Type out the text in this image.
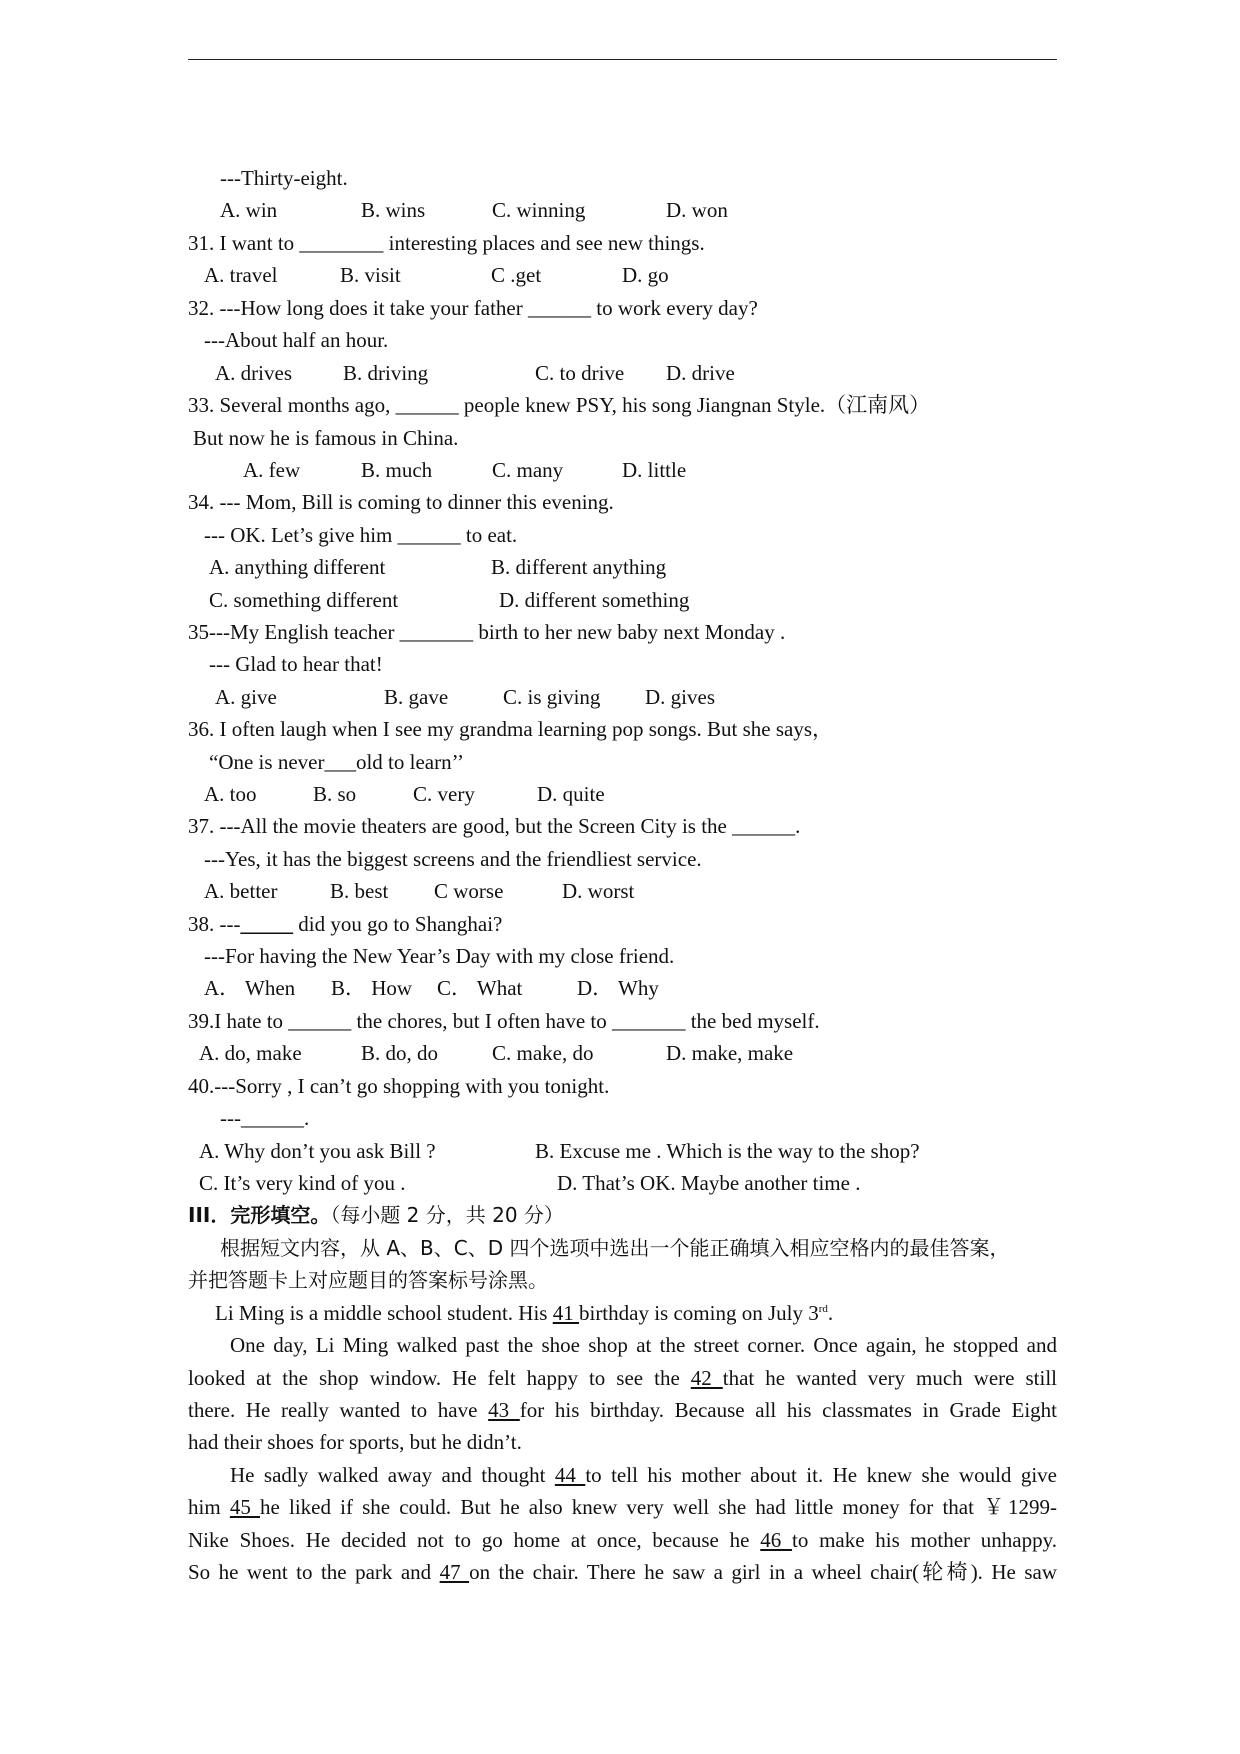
---Thirty-eight.
A. win	B. wins	C. winning	D. won
31. I want to ________ interesting places and see new things.
A. travel	B. visit	C .get	D. go
32. ---How long does it take your father ______ to work every day?
---About half an hour.
A. drives B. driving	C. to drive D. drive
33. Several months ago, ______ people knew PSY, his song Jiangnan Style.（江南风）
But now he is famous in China.
A. few	B. much	C. many	D. little
34. --- Mom, Bill is coming to dinner this evening.
--- OK. Let’s give him ______ to eat.
A. anything different	B. different anything
C. something different	D. different something
35---My English teacher _______ birth to her new baby next Monday .
--- Glad to hear that!
A. give	B. gave	C. is giving D. gives
36. I often laugh when I see my grandma learning pop songs. But she says，
“One is never___old to learn’’
A. too	B. so	C. very	D. quite
37. ---All the movie theaters are good, but the Screen City is the ______.
---Yes, it has the biggest screens and the friendliest service.
A. better	B. best C worse	D. worst
38. ---_____ did you go to Shanghai?
---For having the New Year’s Day with my close friend.
A． When B． How C． What	D． Why
39.I hate to ______ the chores, but I often have to _______ the bed myself.
A. do, make	B. do, do	C. make, do	D. make, make
40.---Sorry , I can’t go shopping with you tonight.
---______.
A. Why don’t you ask Bill ?	B. Excuse me . Which is the way to the shop?
C. It’s very kind of you .	D. That’s OK. Maybe another time .
III．完形填空。（每小题 2 分，共 20 分）
根据短文内容，从 A、B、C、D 四个选项中选出一个能正确填入相应空格内的最佳答案，
并把答题卡上对应题目的答案标号涂黑。
Li Ming is a middle school student. His 41 birthday is coming on July 3rd.
One day, Li Ming walked past the shoe shop at the street corner. Once again, he stopped and
looked at the shop window. He felt happy to see the 42 that he wanted very much were still
there. He really wanted to have 43 for his birthday. Because all his classmates in Grade Eight
had their shoes for sports, but he didn’t.
He sadly walked away and thought 44 to tell his mother about it. He knew she would give
him 45 he liked if she could. But he also knew very well she had little money for that ￥1299-
Nike Shoes. He decided not to go home at once, because he 46 to make his mother unhappy.
So he went to the park and 47 on the chair. There he saw a girl in a wheel chair(轮椅). He saw
